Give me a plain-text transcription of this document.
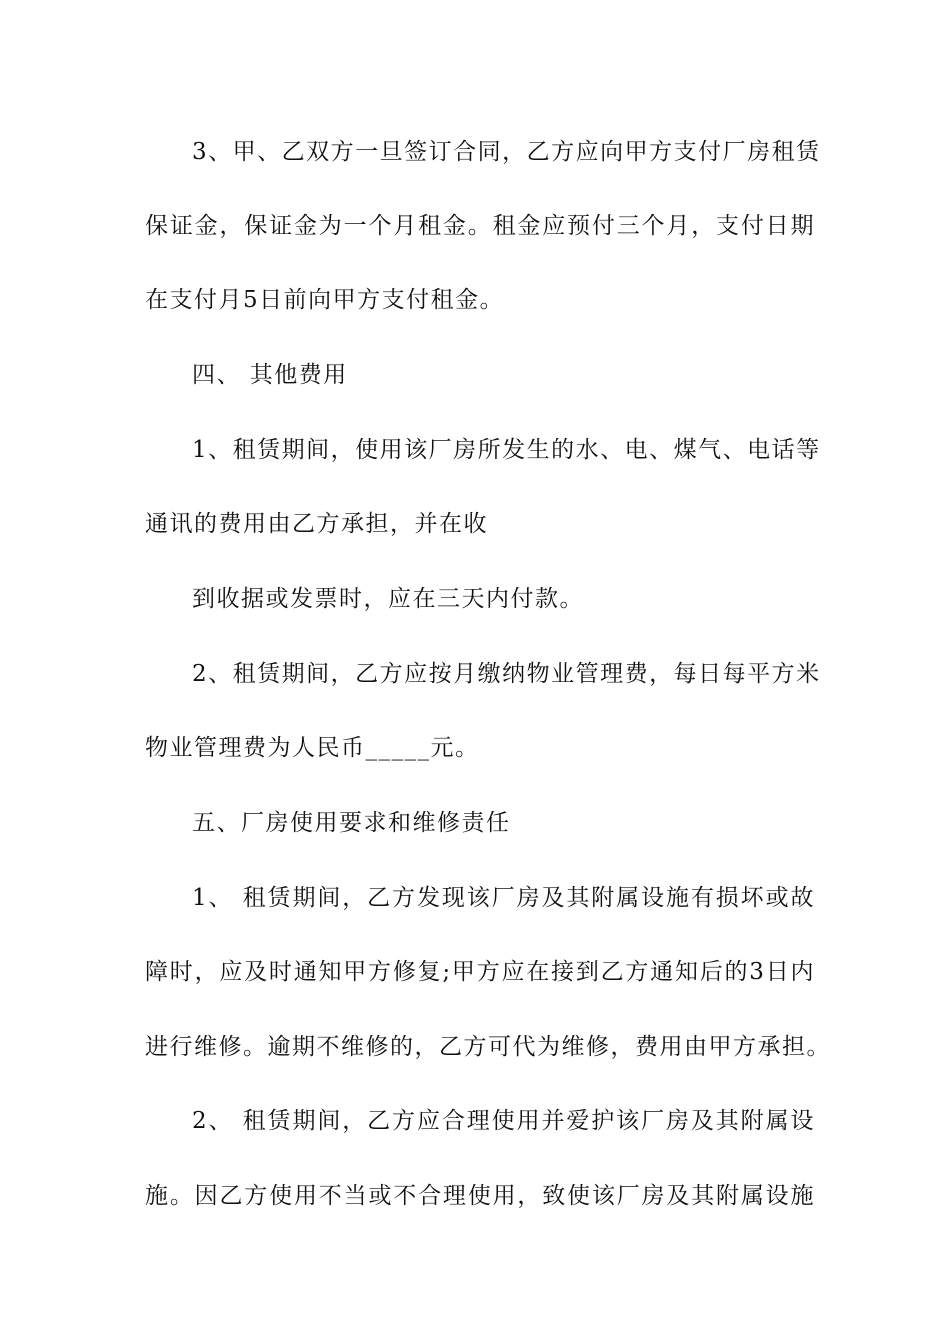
3、甲、乙双方一旦签订合同，乙方应向甲方支付厂房租赁
保证金，保证金为一个月租金。租金应预付三个月，支付日期
在支付月5日前向甲方支付租金。
四、 其他费用
1、租赁期间，使用该厂房所发生的水、电、煤气、电话等
通讯的费用由乙方承担，并在收
到收据或发票时，应在三天内付款。
2、租赁期间，乙方应按月缴纳物业管理费，每日每平方米
物业管理费为人民币_____元。
五、厂房使用要求和维修责任
1、 租赁期间，乙方发现该厂房及其附属设施有损坏或故
障时，应及时通知甲方修复;甲方应在接到乙方通知后的3日内
进行维修。逾期不维修的，乙方可代为维修，费用由甲方承担。
2、 租赁期间，乙方应合理使用并爱护该厂房及其附属设
施。因乙方使用不当或不合理使用，致使该厂房及其附属设施
